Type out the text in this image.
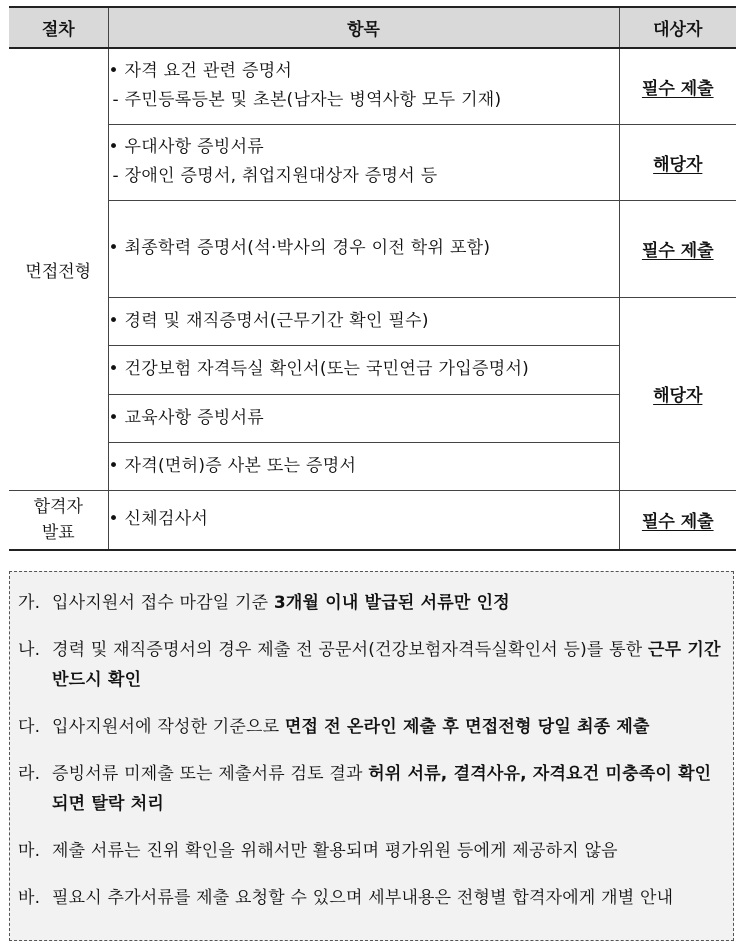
절차	항목	대상자
면접전형	• 자격 요건 관련 증명서
- 주민등록등본 및 초본(남자는 병역사항 모두 기재)	필수 제출

	• 우대사항 증빙서류
- 장애인 증명서, 취업지원대상자 증명서 등	해당자
	• 최종학력 증명서(석·박사의 경우 이전 학위 포함)	필수 제출
	• 경력 및 재직증명서(근무기간 확인 필수)	해당자
	• 건강보험 자격득실 확인서(또는 국민연금 가입증명서)	
	• 교육사항 증빙서류	
	• 자격(면허)증 사본 또는 증명서	

합격자
발표	• 신체검사서	필수 제출
가. 입사지원서 접수 마감일 기준 3개월 이내 발급된 서류만 인정
나. 경력 및 재직증명서의 경우 제출 전 공문서(건강보험자격득실확인서 등)를 통한 근무 기간 반드시 확인
다. 입사지원서에 작성한 기준으로 면접 전 온라인 제출 후 면접전형 당일 최종 제출
라. 증빙서류 미제출 또는 제출서류 검토 결과 허위 서류, 결격사유, 자격요건 미충족이 확인되면 탈락 처리
마. 제출 서류는 진위 확인을 위해서만 활용되며 평가위원 등에게 제공하지 않음
바. 필요시 추가서류를 제출 요청할 수 있으며 세부내용은 전형별 합격자에게 개별 안내
